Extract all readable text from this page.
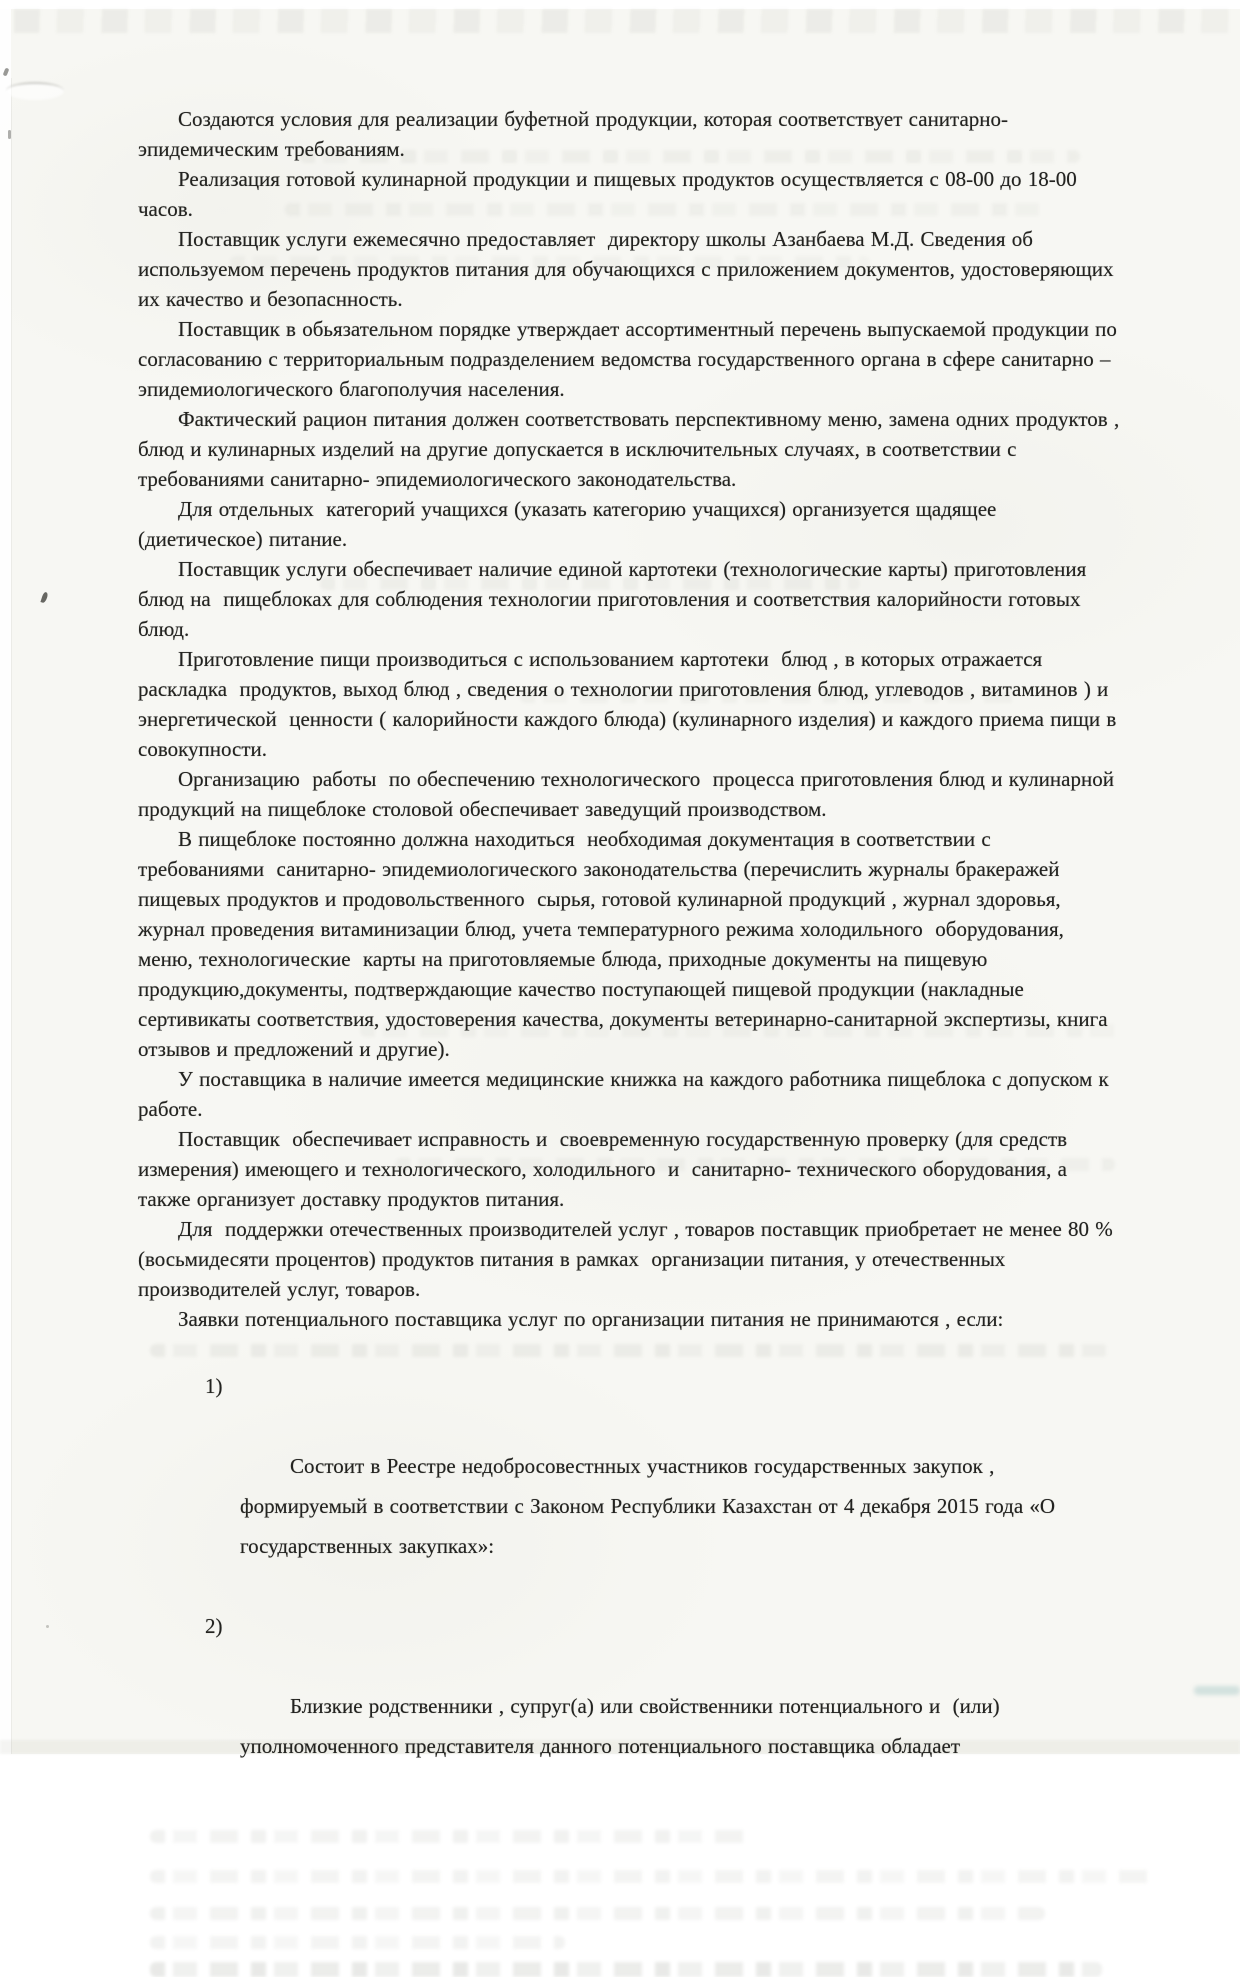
Создаются условия для реализации буфетной продукции, которая соответствует санитарно-эпидемическим требованиям.

Реализация готовой кулинарной продукции и пищевых продуктов осуществляется с 08-00 до 18-00 часов.

Поставщик услуги ежемесячно предоставляет  директору школы Азанбаева М.Д. Сведения об используемом перечень продуктов питания для обучающихся с приложением документов, удостоверяющих  их качество и безопаснность.

Поставщик в обьязательном порядке утверждает ассортиментный перечень выпускаемой продукции по согласованию с территориальным подразделением ведомства государственного органа в сфере санитарно – эпидемиологического благополучия населения.

Фактический рацион питания должен соответствовать перспективному меню, замена одних продуктов , блюд и кулинарных изделий на другие допускается в исключительных случаях, в соответствии с требованиями санитарно- эпидемиологического законодательства.

Для отдельных  категорий учащихся (указать категорию учащихся) организуется щадящее (диетическое) питание.

Поставщик услуги обеспечивает наличие единой картотеки (технологические карты) приготовления блюд на  пищеблоках для соблюдения технологии приготовления и соответствия калорийности готовых блюд.

Приготовление пищи производиться с использованием картотеки  блюд , в которых отражается раскладка  продуктов, выход блюд , сведения о технологии приготовления блюд, углеводов , витаминов ) и энергетической  ценности ( калорийности каждого блюда) (кулинарного изделия) и каждого приема пищи в совокупности.

Организацию  работы  по обеспечению технологического  процесса приготовления блюд и кулинарной  продукций на пищеблоке столовой обеспечивает заведущий производством.

В пищеблоке постоянно должна находиться  необходимая документация в соответствии с требованиями  санитарно- эпидемиологического законодательства (перечислить журналы бракеражей пищевых продуктов и продовольственного  сырья, готовой кулинарной продукций , журнал здоровья, журнал проведения витаминизации блюд, учета температурного режима холодильного  оборудования, меню, технологические  карты на приготовляемые блюда, приходные документы на пищевую продукцию,документы, подтверждающие качество поступающей пищевой продукции (накладные сертивикаты соответствия, удостоверения качества, документы ветеринарно-санитарной экспертизы, книга отзывов и предложений и другие).

У поставщика в наличие имеется медицинские книжка на каждого работника пищеблока с допуском к работе.

Поставщик  обеспечивает исправность и  своевременную государственную проверку (для средств измерения) имеющего и технологического, холодильного  и  санитарно- технического оборудования, а также организует доставку продуктов питания.

Для  поддержки отечественных производителей услуг , товаров поставщик приобретает не менее 80 % (восьмидесяти процентов) продуктов питания в рамках  организации питания, у отечественных производителей услуг, товаров.

Заявки потенциального поставщика услуг по организации питания не принимаются , если:

1)

Состоит в Реестре недобросовестнных участников государственных закупок , формируемый в соответствии с Законом Республики Казахстан от 4 декабря 2015 года «О государственных закупках»:

2)

Близкие родственники , супруг(а) или свойственники потенциального и  (или) уполномоченного представителя данного потенциального поставщика обладает
